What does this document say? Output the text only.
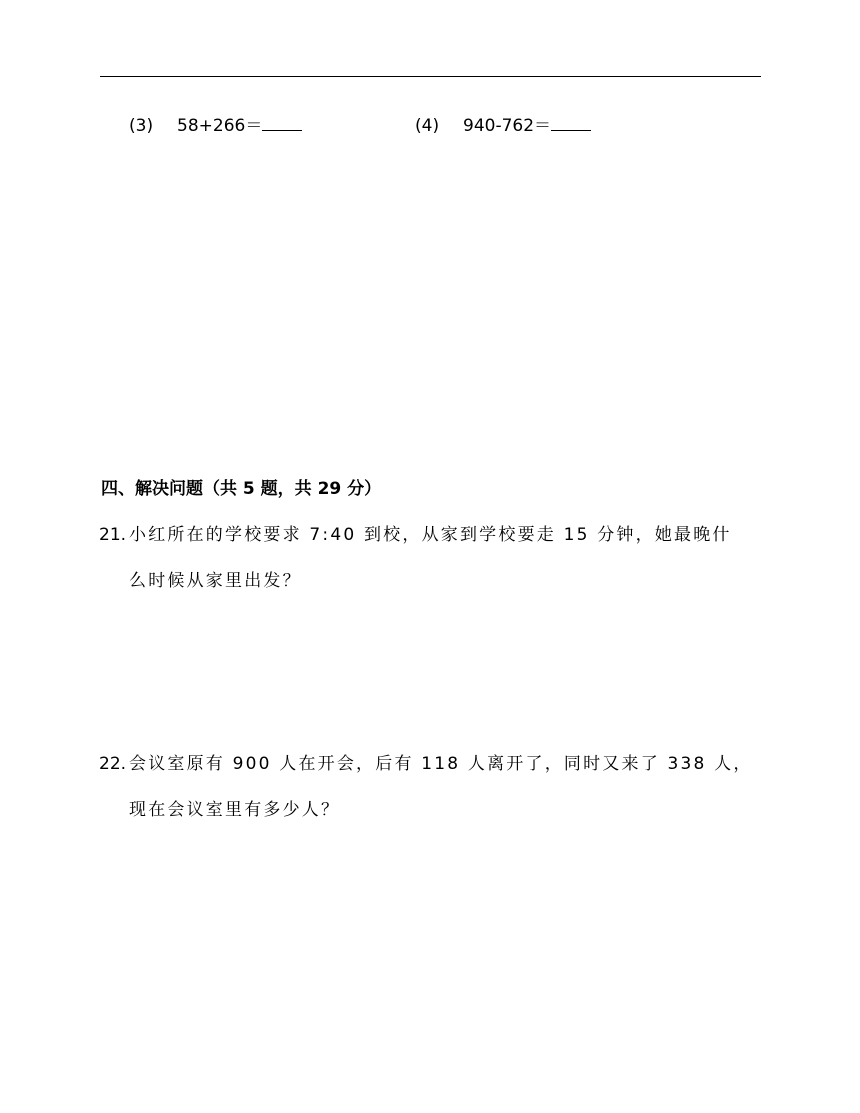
(3) 58+266＝	(4) 940-762＝
四、解决问题（共 5 题，共 29 分）
21. 小红所在的学校要求 7:40 到校，从家到学校要走 15 分钟，她最晚什
么时候从家里出发？
22. 会议室原有 900 人在开会，后有 118 人离开了，同时又来了 338 人，
现在会议室里有多少人？
